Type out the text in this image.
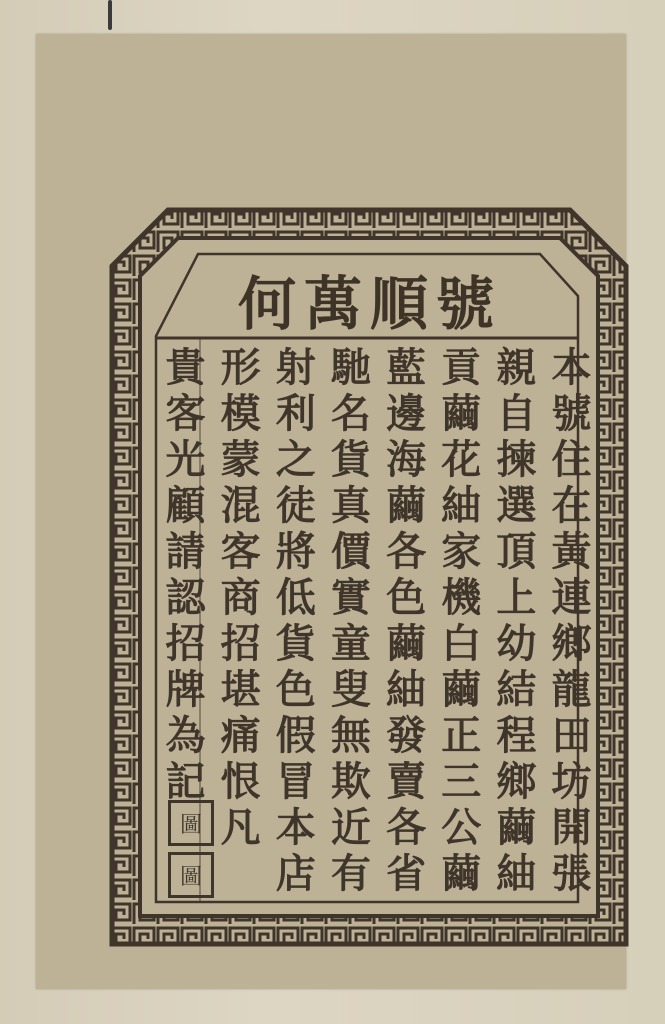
何萬順號
本號住在黃連鄉龍田坊開張
親自揀選頂上幼結程鄉繭紬
貢繭花紬家機白繭正三公繭
藍邊海繭各色繭紬發賣各省
馳名貨真價實童叟無欺近有
射利之徒將低貨色假冒本店
形模蒙混客商招堪痛恨凡
貴客光顧請認招牌為記
圖
圖
